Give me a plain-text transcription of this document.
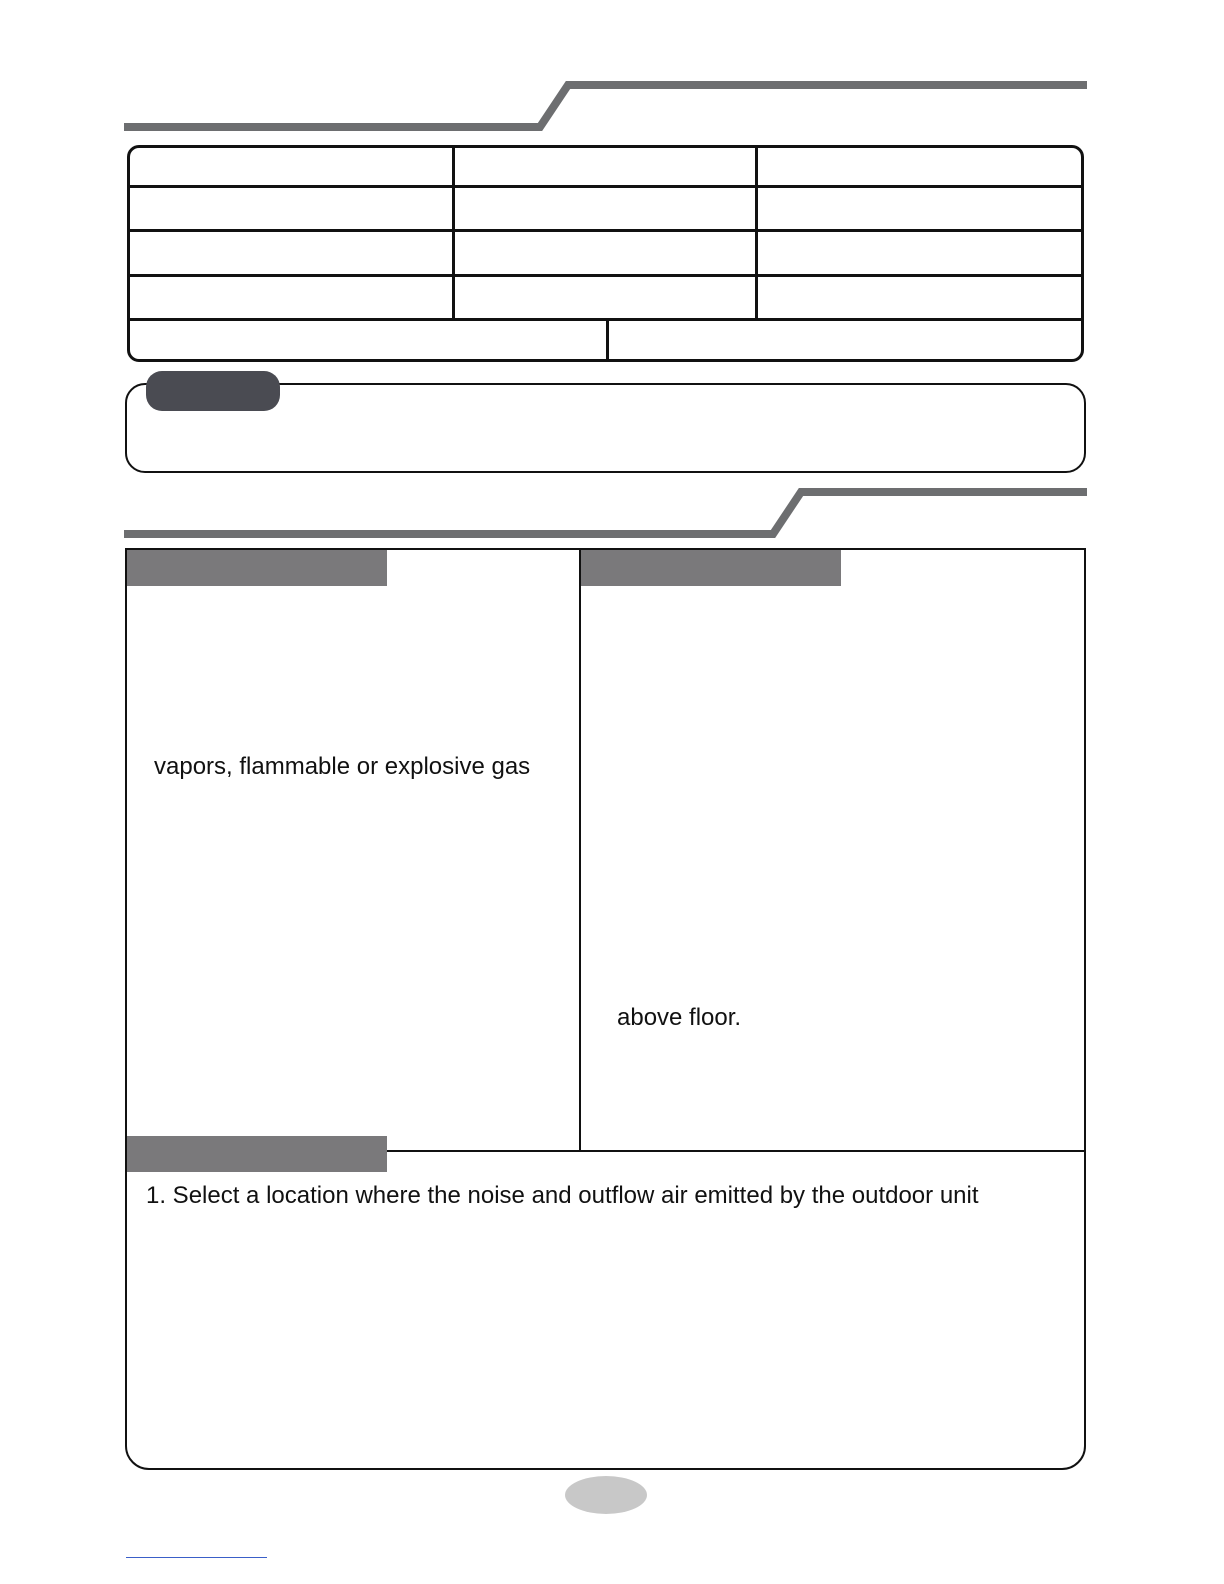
vapors, flammable or explosive gas
above floor.
1. Select a location where the noise and outflow air emitted by the outdoor unit
